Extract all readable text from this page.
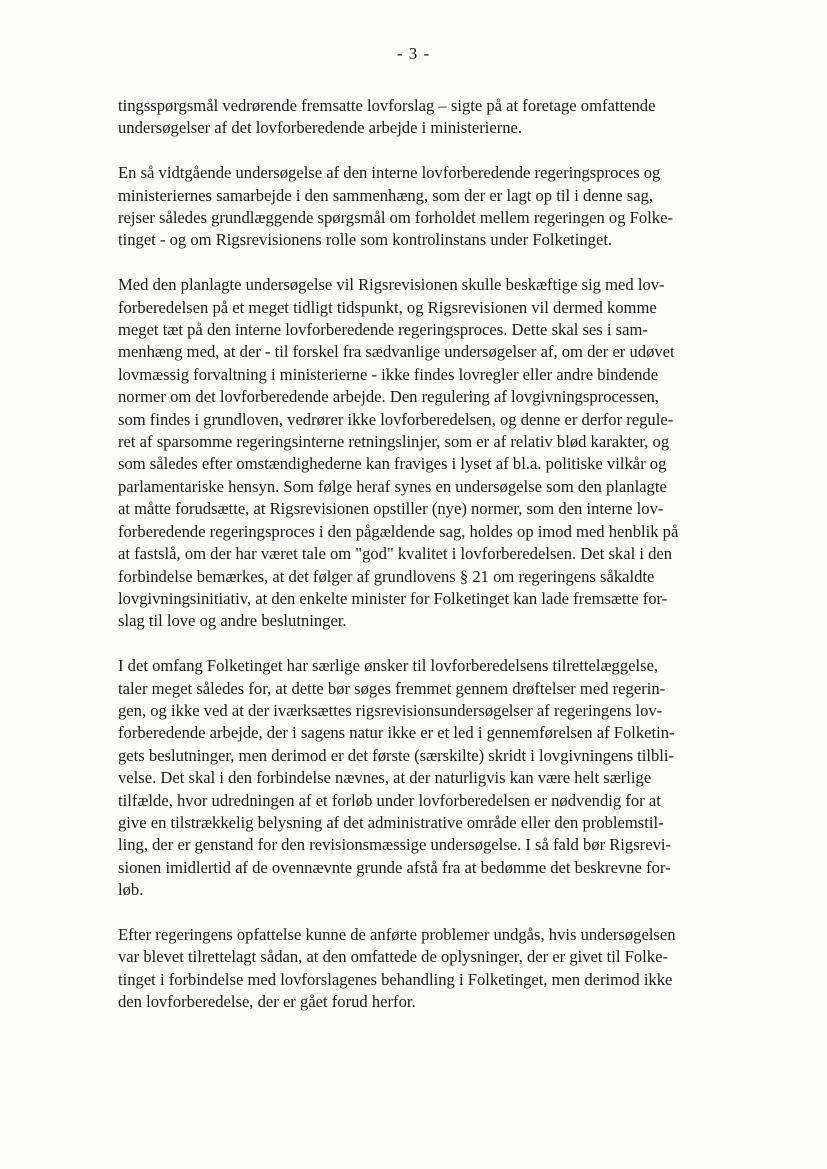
- 3 -

tingsspørgsmål vedrørende fremsatte lovforslag – sigte på at foretage omfattende
undersøgelser af det lovforberedende arbejde i ministerierne.

En så vidtgående undersøgelse af den interne lovforberedende regeringsproces og
ministeriernes samarbejde i den sammenhæng, som der er lagt op til i denne sag,
rejser således grundlæggende spørgsmål om forholdet mellem regeringen og Folke-
tinget - og om Rigsrevisionens rolle som kontrolinstans under Folketinget.

Med den planlagte undersøgelse vil Rigsrevisionen skulle beskæftige sig med lov-
forberedelsen på et meget tidligt tidspunkt, og Rigsrevisionen vil dermed komme
meget tæt på den interne lovforberedende regeringsproces. Dette skal ses i sam-
menhæng med, at der - til forskel fra sædvanlige undersøgelser af, om der er udøvet
lovmæssig forvaltning i ministerierne - ikke findes lovregler eller andre bindende
normer om det lovforberedende arbejde. Den regulering af lovgivningsprocessen,
som findes i grundloven, vedrører ikke lovforberedelsen, og denne er derfor regule-
ret af sparsomme regeringsinterne retningslinjer, som er af relativ blød karakter, og
som således efter omstændighederne kan fraviges i lyset af bl.a. politiske vilkår og
parlamentariske hensyn. Som følge heraf synes en undersøgelse som den planlagte
at måtte forudsætte, at Rigsrevisionen opstiller (nye) normer, som den interne lov-
forberedende regeringsproces i den pågældende sag, holdes op imod med henblik på
at fastslå, om der har været tale om "god" kvalitet i lovforberedelsen. Det skal i den
forbindelse bemærkes, at det følger af grundlovens § 21 om regeringens såkaldte
lovgivningsinitiativ, at den enkelte minister for Folketinget kan lade fremsætte for-
slag til love og andre beslutninger.

I det omfang Folketinget har særlige ønsker til lovforberedelsens tilrettelæggelse,
taler meget således for, at dette bør søges fremmet gennem drøftelser med regerin-
gen, og ikke ved at der iværksættes rigsrevisionsundersøgelser af regeringens lov-
forberedende arbejde, der i sagens natur ikke er et led i gennemførelsen af Folketin-
gets beslutninger, men derimod er det første (særskilte) skridt i lovgivningens tilbli-
velse. Det skal i den forbindelse nævnes, at der naturligvis kan være helt særlige
tilfælde, hvor udredningen af et forløb under lovforberedelsen er nødvendig for at
give en tilstrækkelig belysning af det administrative område eller den problemstil-
ling, der er genstand for den revisionsmæssige undersøgelse. I så fald bør Rigsrevi-
sionen imidlertid af de ovennævnte grunde afstå fra at bedømme det beskrevne for-
løb.

Efter regeringens opfattelse kunne de anførte problemer undgås, hvis undersøgelsen
var blevet tilrettelagt sådan, at den omfattede de oplysninger, der er givet til Folke-
tinget i forbindelse med lovforslagenes behandling i Folketinget, men derimod ikke
den lovforberedelse, der er gået forud herfor.
